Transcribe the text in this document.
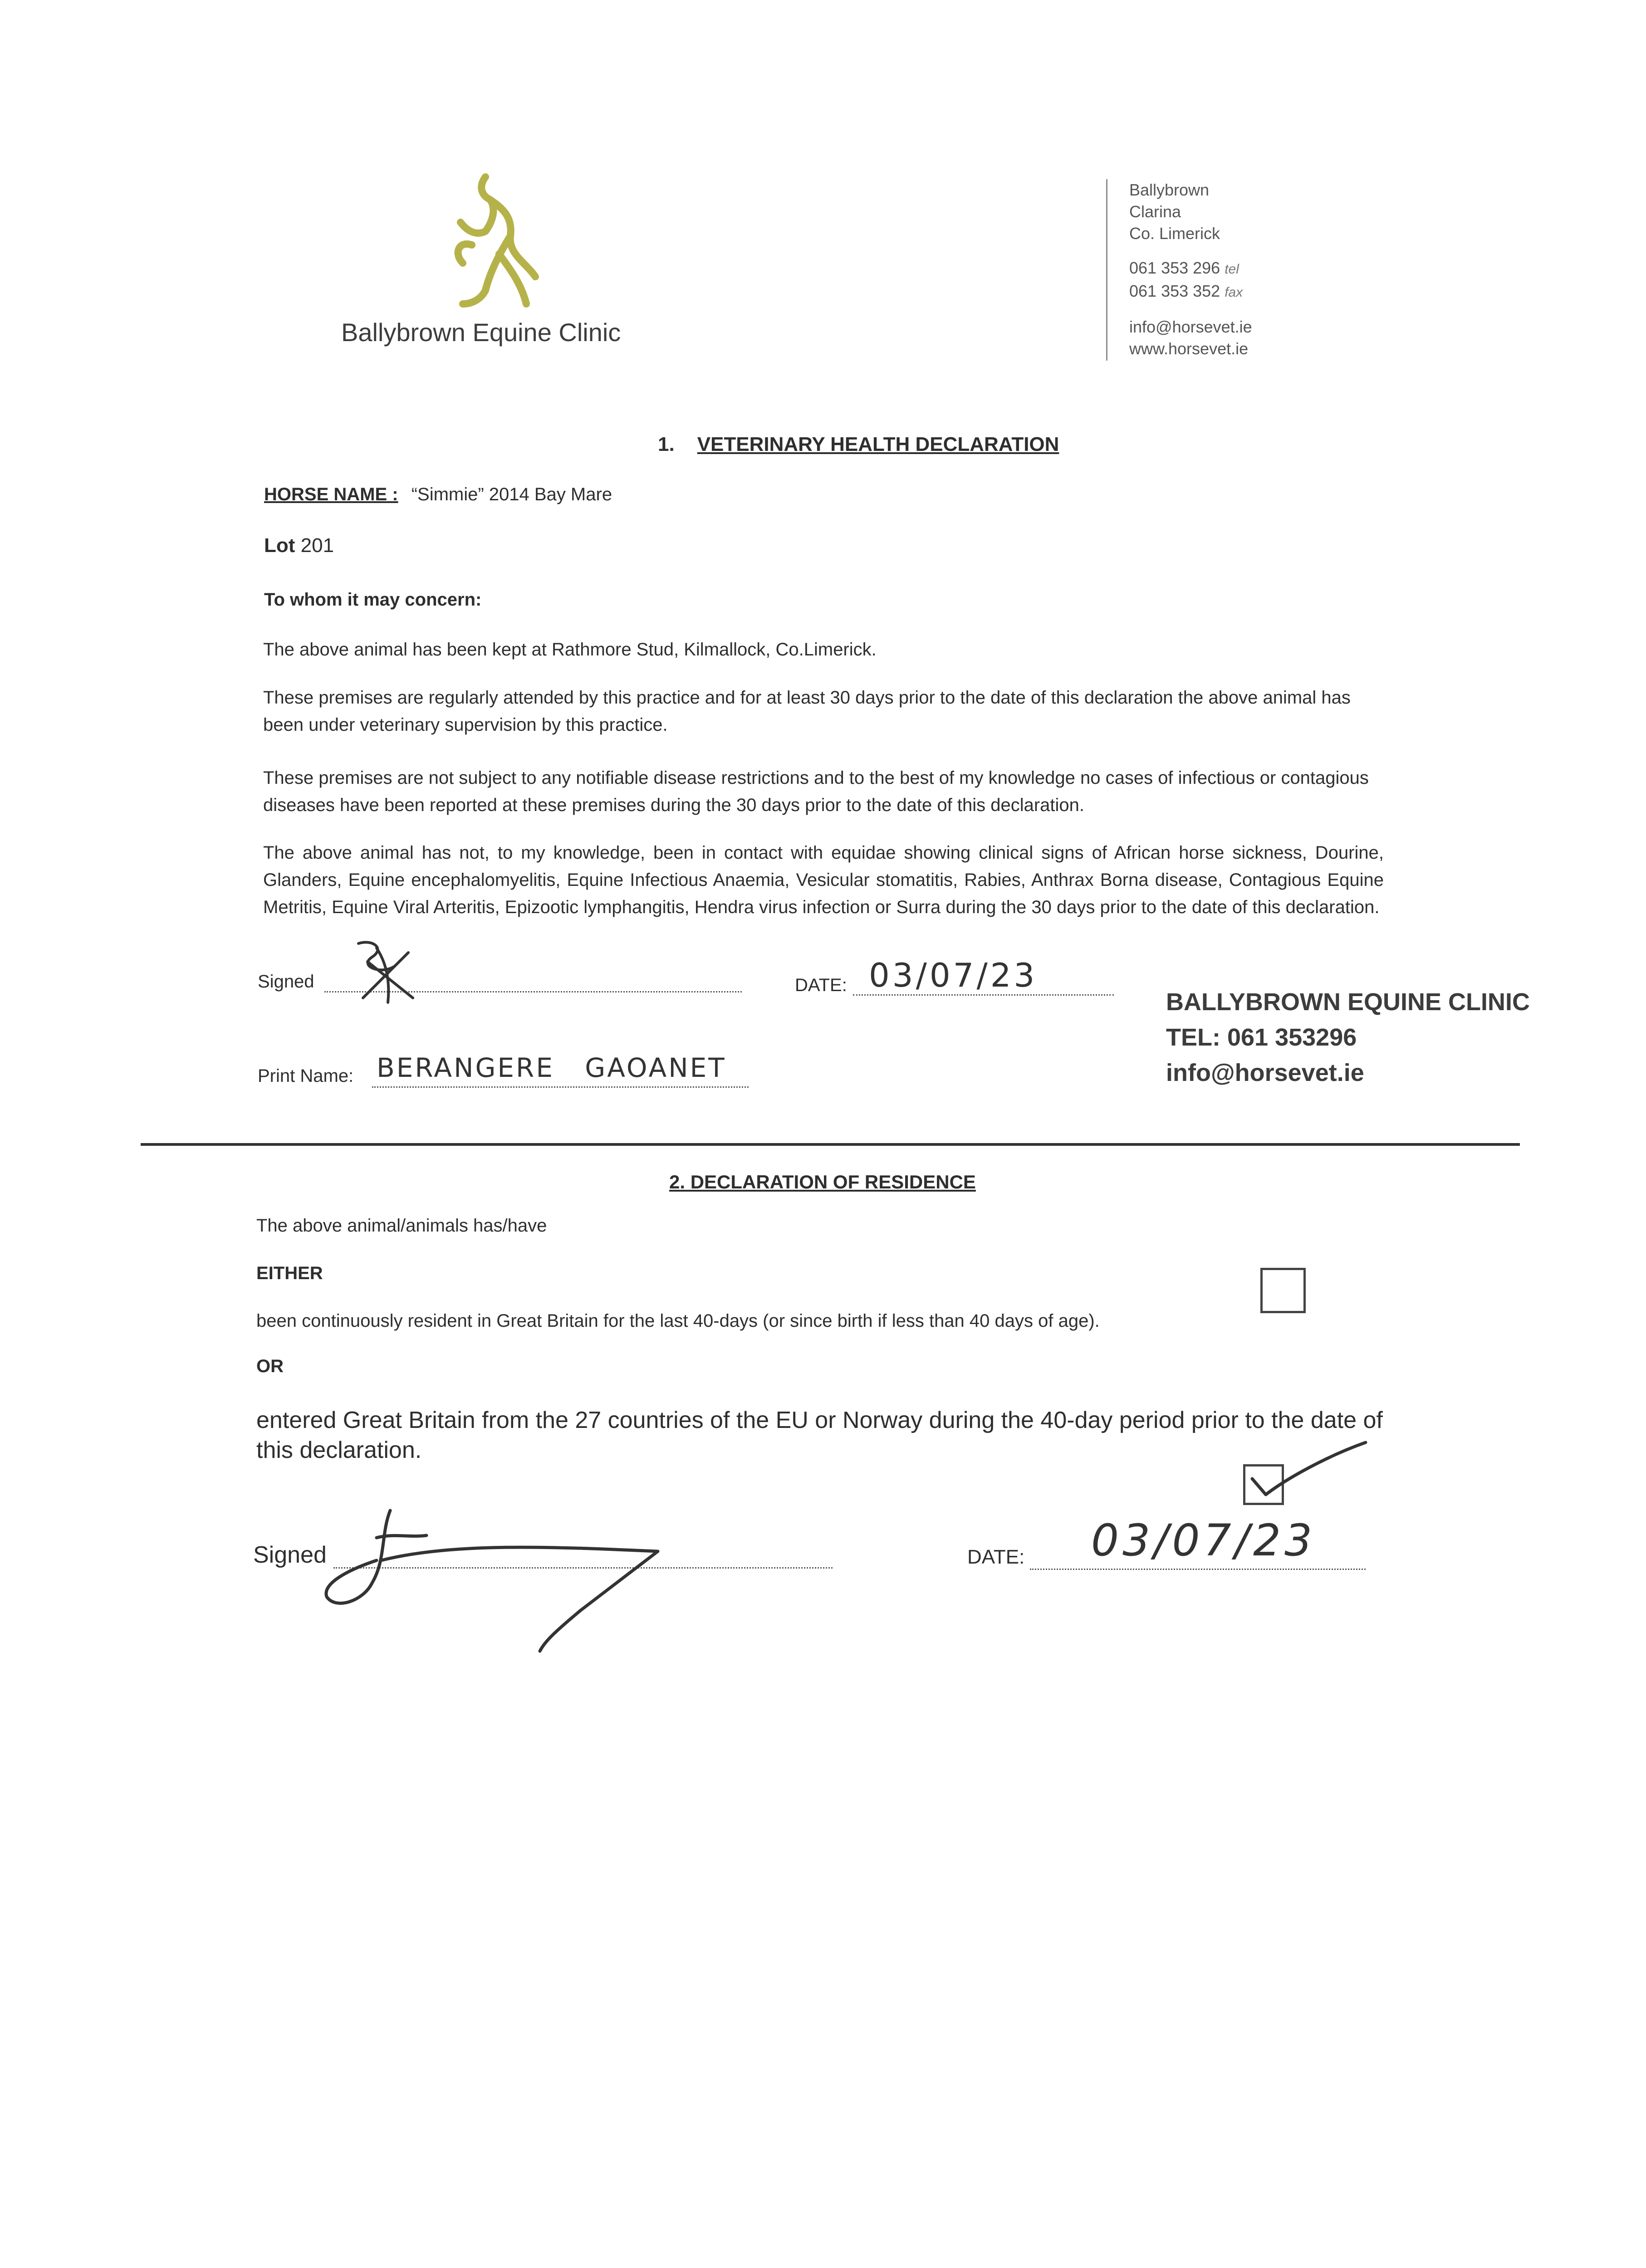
Ballybrown Equine Clinic
Ballybrown
Clarina
Co. Limerick
061 353 296 tel
061 353 352 fax
info@horsevet.ie
www.horsevet.ie
1. VETERINARY HEALTH DECLARATION
HORSE NAME : “Simmie” 2014 Bay Mare
Lot 201
To whom it may concern:
The above animal has been kept at Rathmore Stud, Kilmallock, Co.Limerick.
These premises are regularly attended by this practice and for at least 30 days prior to the date of this declaration the above animal has been under veterinary supervision by this practice.
These premises are not subject to any notifiable disease restrictions and to the best of my knowledge no cases of infectious or contagious diseases have been reported at these premises during the 30 days prior to the date of this declaration.
The above animal has not, to my knowledge, been in contact with equidae showing clinical signs of African horse sickness, Dourine, Glanders, Equine encephalomyelitis, Equine Infectious Anaemia, Vesicular stomatitis, Rabies, Anthrax Borna disease, Contagious Equine Metritis, Equine Viral Arteritis, Epizootic lymphangitis, Hendra virus infection or Surra during the 30 days prior to the date of this declaration.
Signed	DATE: 03/07/23
Print Name: BERANGERE   GAOANET
BALLYBROWN EQUINE CLINIC
TEL: 061 353296
info@horsevet.ie
2. DECLARATION OF RESIDENCE
The above animal/animals has/have
EITHER
been continuously resident in Great Britain for the last 40-days (or since birth if less than 40 days of age).
OR
entered Great Britain from the 27 countries of the EU or Norway during the 40-day period prior to the date of this declaration.
Signed	DATE: 03/07/23
